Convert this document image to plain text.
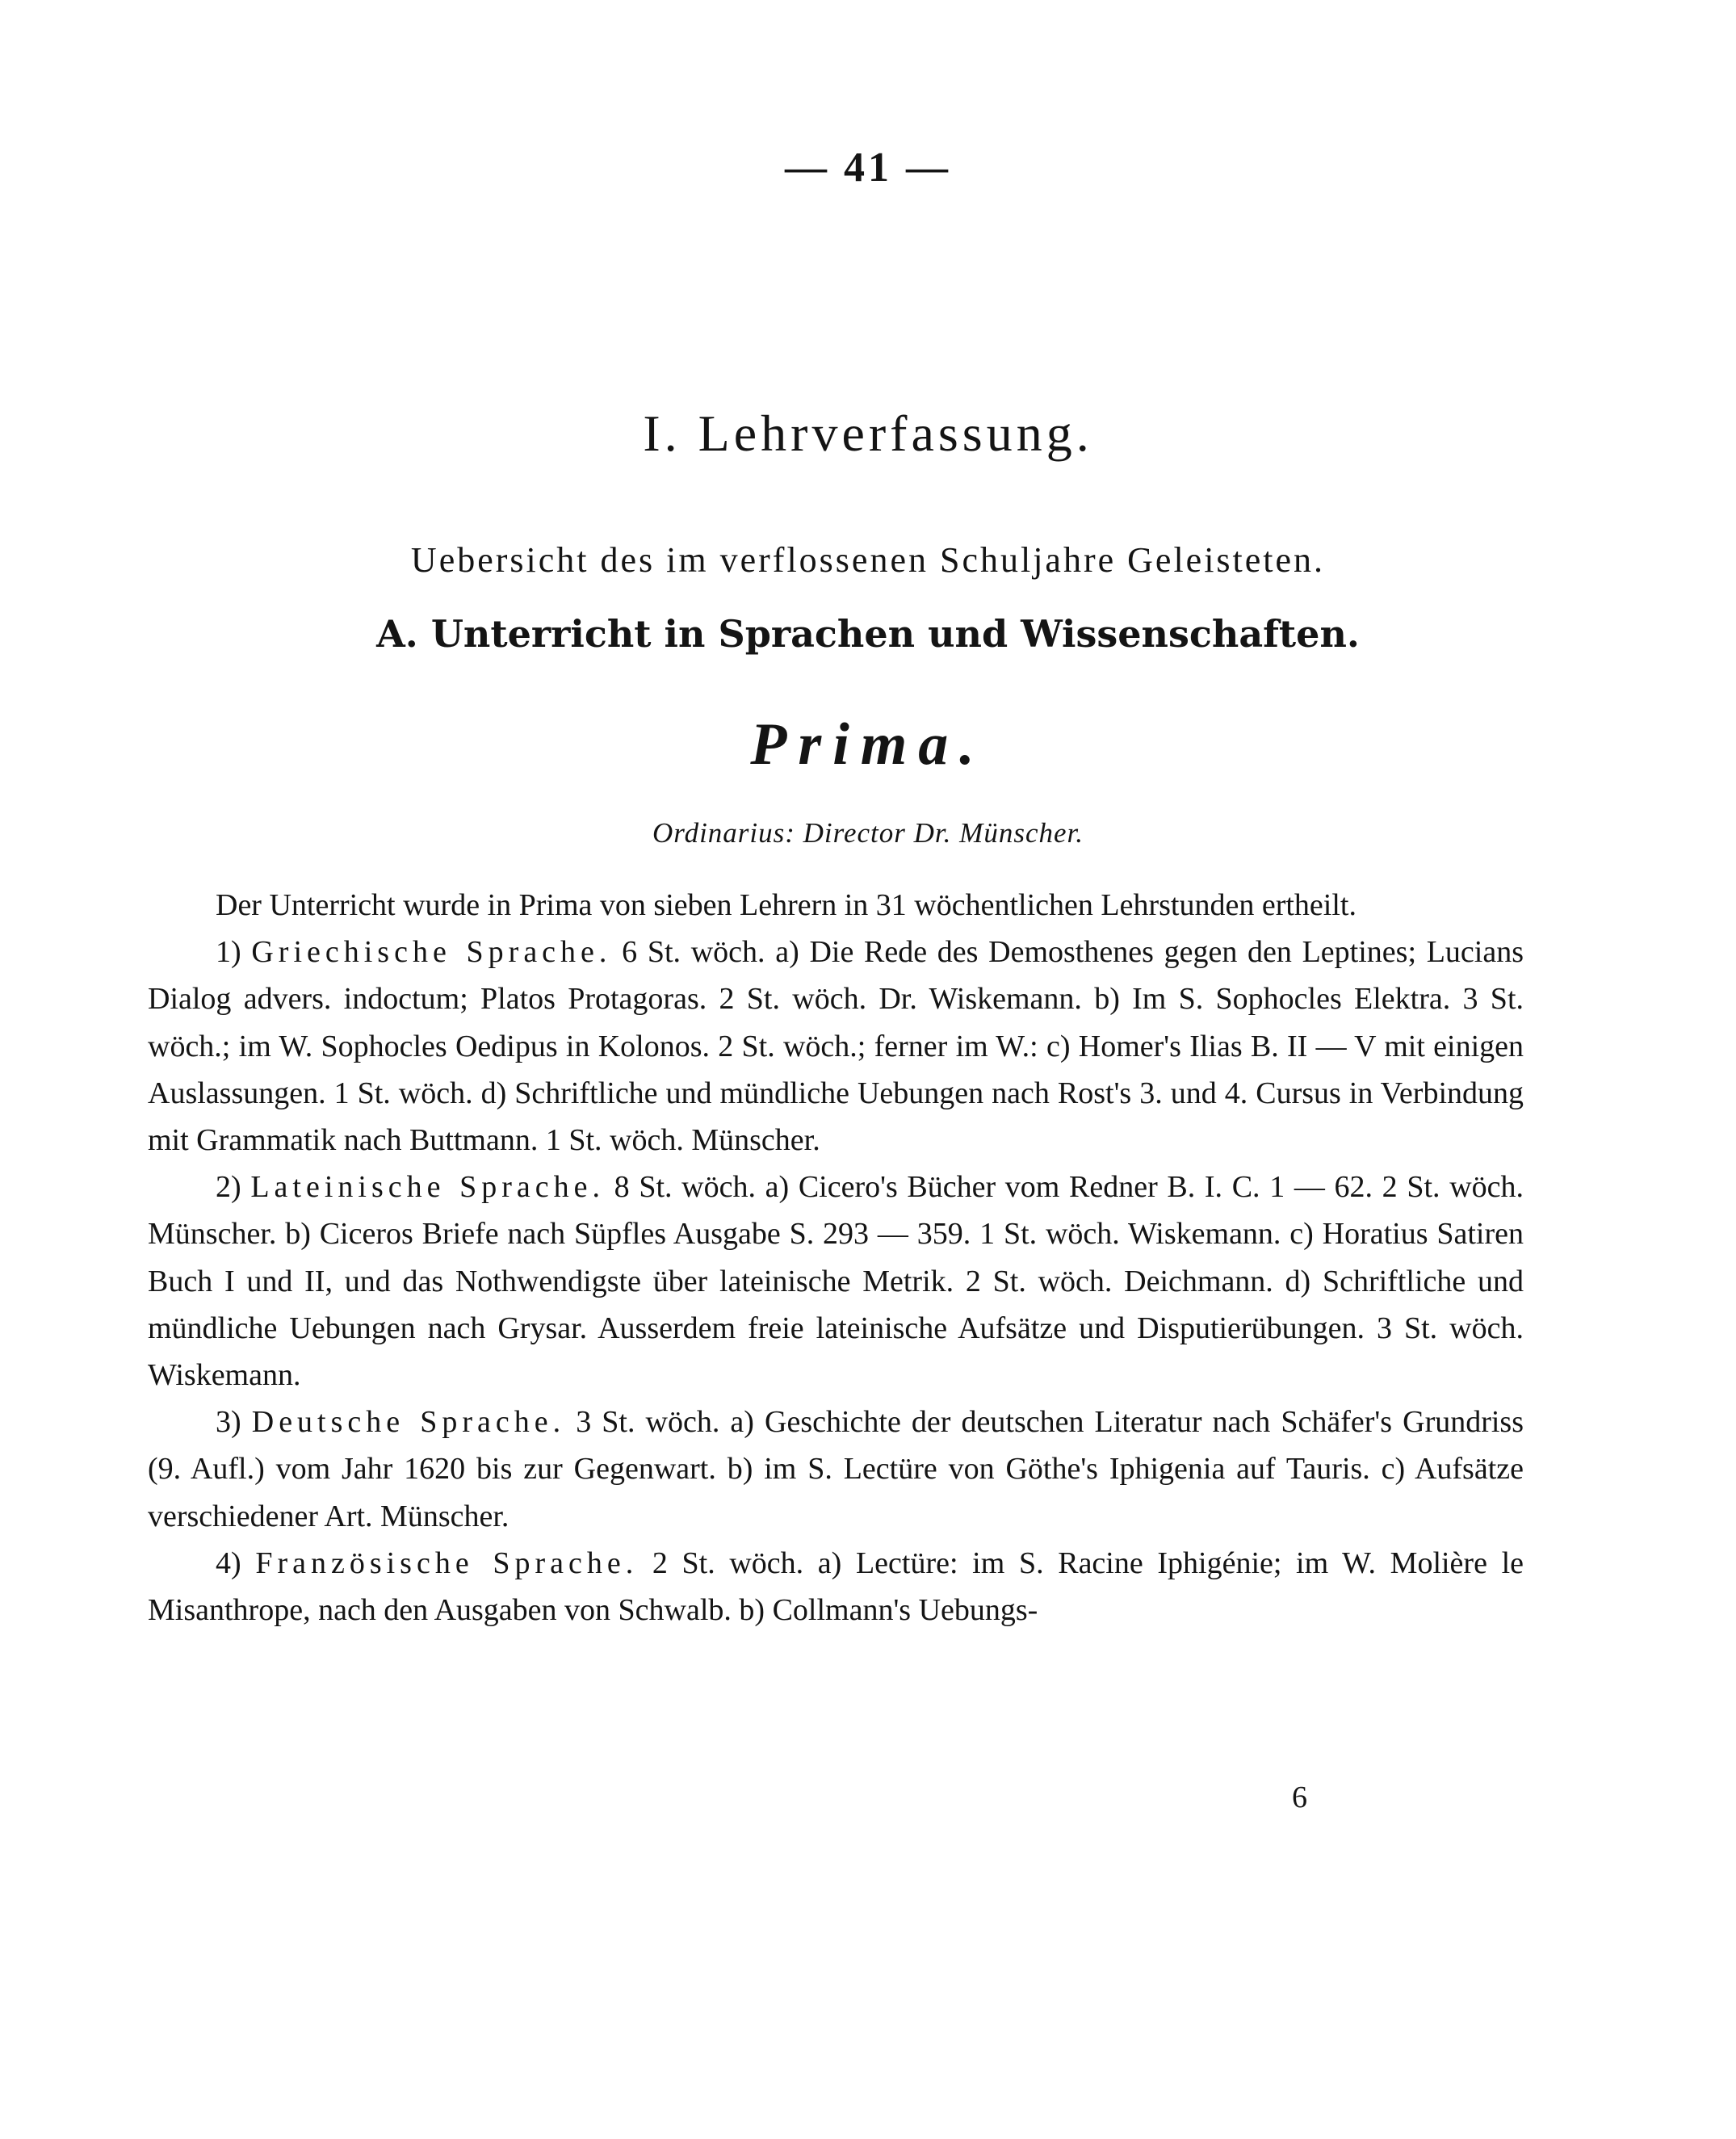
— 41 —
I. Lehrverfassung.
Uebersicht des im verflossenen Schuljahre Geleisteten.
A. Unterricht in Sprachen und Wissenschaften.
Prima.
Ordinarius: Director Dr. Münscher.

Der Unterricht wurde in Prima von sieben Lehrern in 31 wöchentlichen Lehrstunden ertheilt.

1) Griechische Sprache. 6 St. wöch. a) Die Rede des Demosthenes gegen den Leptines; Lucians Dialog advers. indoctum; Platos Protagoras. 2 St. wöch. Dr. Wiskemann. b) Im S. Sophocles Elektra. 3 St. wöch.; im W. Sophocles Oedipus in Kolonos. 2 St. wöch.; ferner im W.: c) Homer's Ilias B. II — V mit einigen Auslassungen. 1 St. wöch. d) Schriftliche und mündliche Uebungen nach Rost's 3. und 4. Cursus in Verbindung mit Grammatik nach Buttmann. 1 St. wöch. Münscher.

2) Lateinische Sprache. 8 St. wöch. a) Cicero's Bücher vom Redner B. I. C. 1 — 62. 2 St. wöch. Münscher. b) Ciceros Briefe nach Süpfles Ausgabe S. 293 — 359. 1 St. wöch. Wiskemann. c) Horatius Satiren Buch I und II, und das Nothwendigste über lateinische Metrik. 2 St. wöch. Deichmann. d) Schriftliche und mündliche Uebungen nach Grysar. Ausserdem freie lateinische Aufsätze und Disputierübungen. 3 St. wöch. Wiskemann.

3) Deutsche Sprache. 3 St. wöch. a) Geschichte der deutschen Literatur nach Schäfer's Grundriss (9. Aufl.) vom Jahr 1620 bis zur Gegenwart. b) im S. Lectüre von Göthe's Iphigenia auf Tauris. c) Aufsätze verschiedener Art. Münscher.

4) Französische Sprache. 2 St. wöch. a) Lectüre: im S. Racine Iphigénie; im W. Molière le Misanthrope, nach den Ausgaben von Schwalb. b) Collmann's Uebungs-

6
